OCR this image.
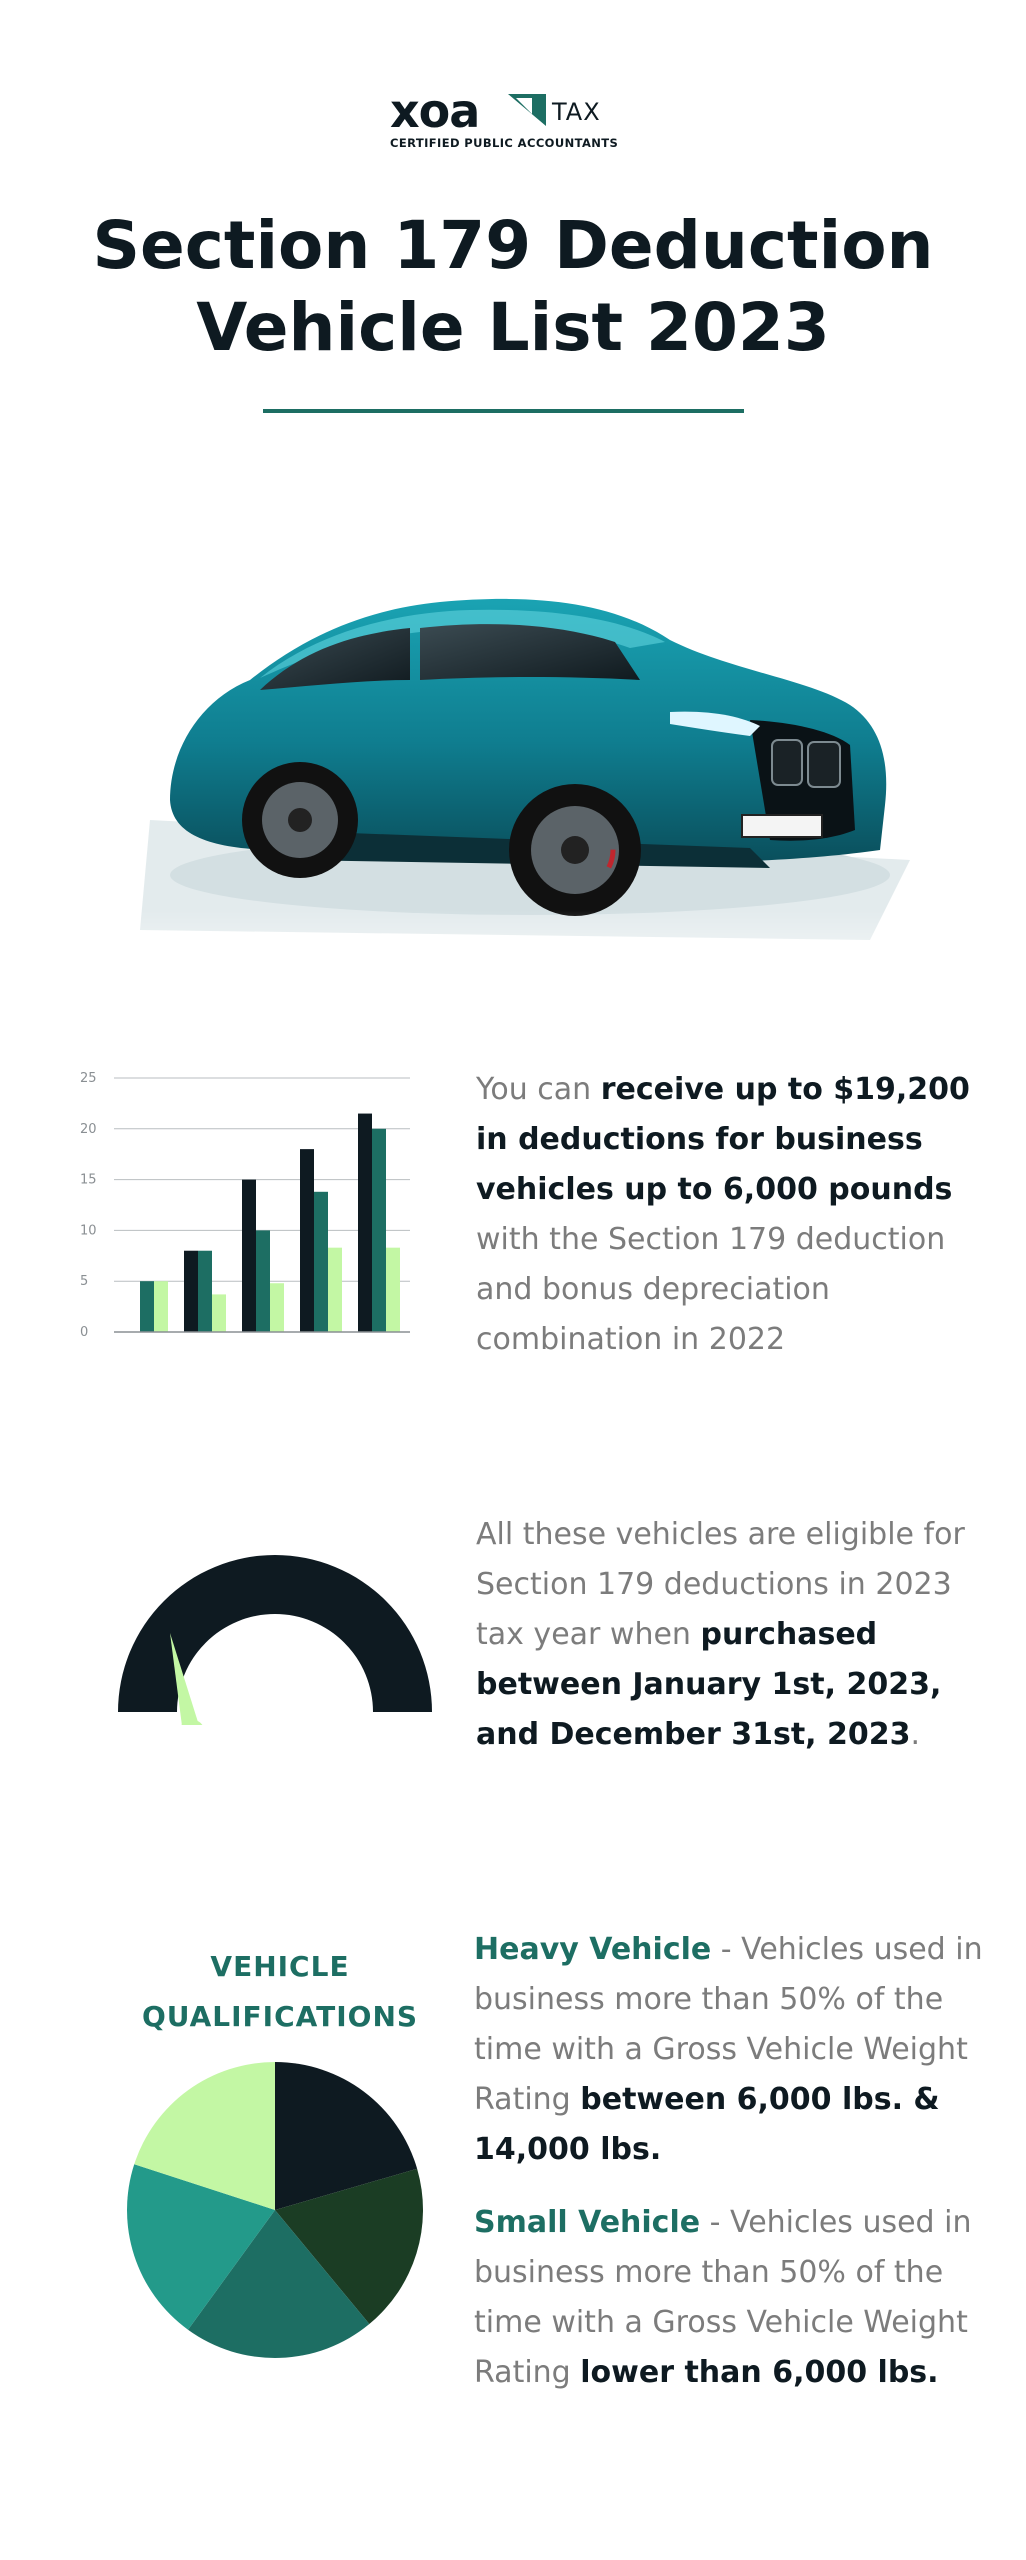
xoa	TAX
CERTIFIED PUBLIC ACCOUNTANTS
Section 179 Deduction
Vehicle List 2023
0
5
10
15
20
25	You can receive up to $19,200 in deductions for business vehicles up to 6,000 pounds with the Section 179 deduction and bonus depreciation combination in 2022
All these vehicles are eligible for Section 179 deductions in 2023 tax year when purchased between January 1st, 2023, and December 31st, 2023.
VEHICLE
QUALIFICATIONS
Heavy Vehicle - Vehicles used in business more than 50% of the time with a Gross Vehicle Weight Rating between 6,000 lbs. & 14,000 lbs.
Small Vehicle - Vehicles used in business more than 50% of the time with a Gross Vehicle Weight Rating lower than 6,000 lbs.
